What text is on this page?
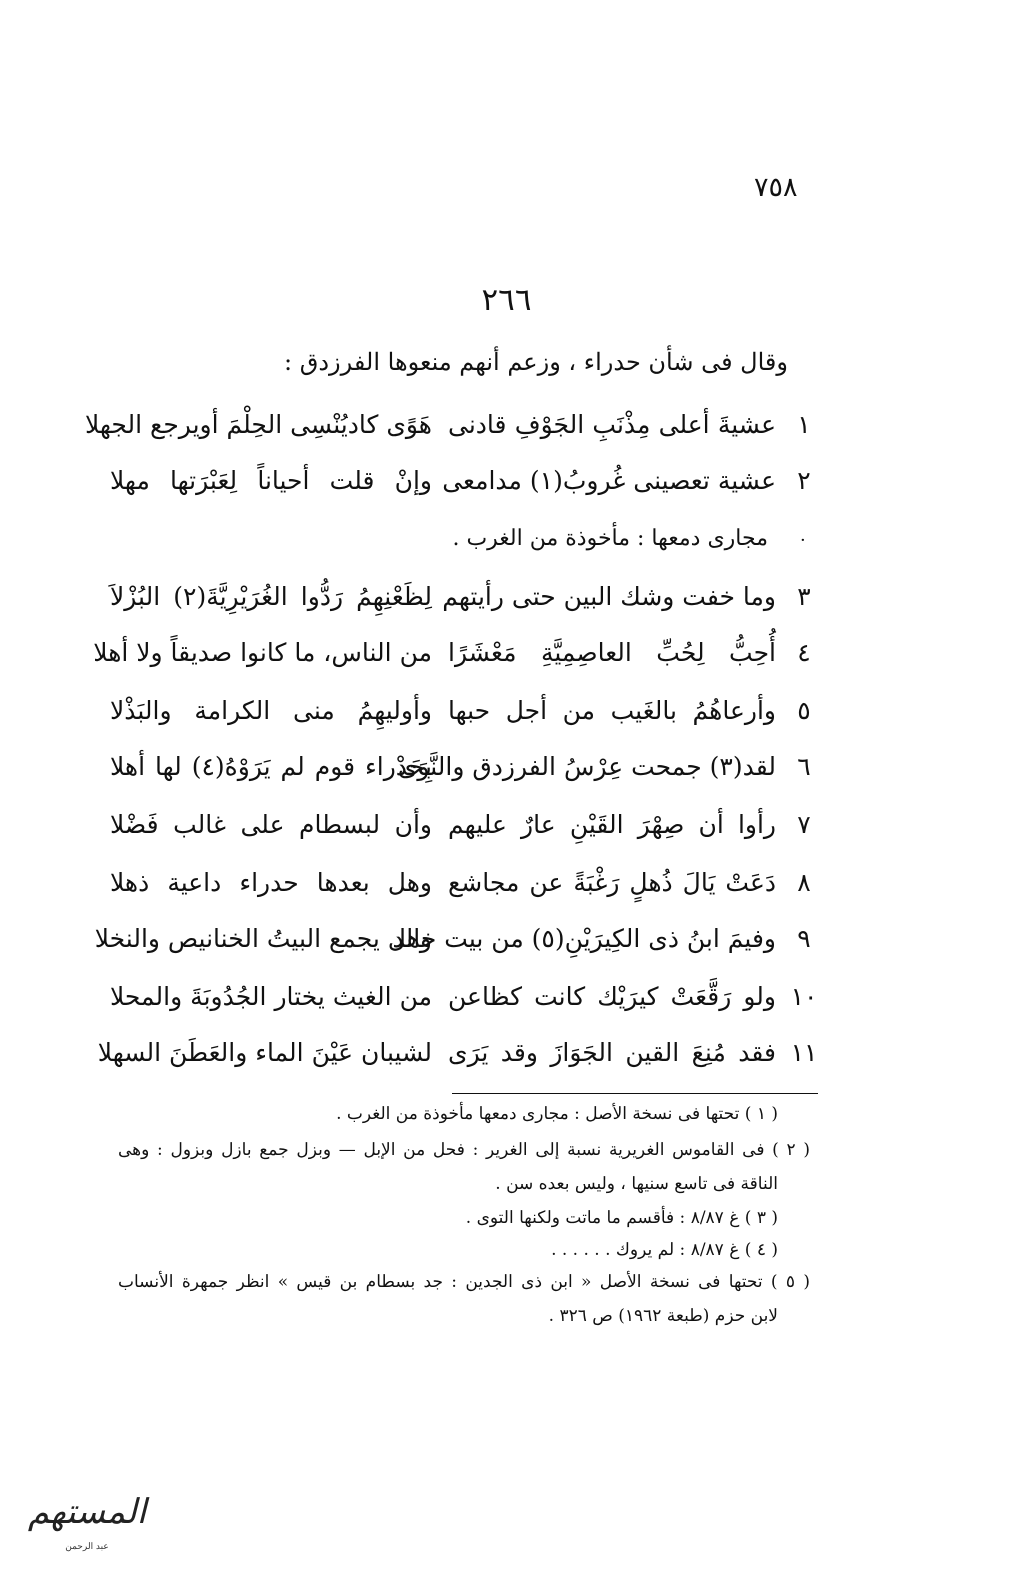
٧٥٨
٢٦٦
وقال فى شأن حدراء ، وزعم أنهم منعوها الفرزدق :
١
عشيةَ أعلى مِذْنَبِ الجَوْفِ قادنى
هَوًى كاديُنْسِى الحِلْمَ أويرجع الجهلا
٢
عشية تعصينى غُروبُ(١) مدامعى
وإنْ قلت أحياناً لِعَبْرَتها مهلا
·
مجارى دمعها : مأخوذة من الغرب .
٣
وما خفت وشك البين حتى رأيتهم
لِظَعْنِهِمُ رَدُّوا الغُرَيْرِيَّةَ(٢) البُزْلاَ
٤
أُحِبُّ لِحُبِّ العاصِمِيَّةِ مَعْشَرًا
من الناس، ما كانوا صديقاً ولا أهلا
٥
وأرعاهُمُ بالغَيب من أجل حبها
وأوليهِمُ منى الكرامة والبَذْلا
٦
لقد(٣) جمحت عِرْسُ الفرزدق والنَّوَى
بِحَدْراء قوم لم يَرَوْهُ(٤) لها أهلا
٧
رأوا أن صِهْرَ القَيْنِ عارٌ عليهم
وأن لبسطام على غالب فَضْلا
٨
دَعَتْ يَالَ ذُهلٍ رَغْبَةً عن مجاشع
وهل بعدها حدراء داعية ذهلا
٩
وفيمَ ابنُ ذى الكِيرَيْنِ(٥) من بيت خالد
وهل يجمع البيتُ الخنانيص والنخلا
١٠
ولو رَقَّعَتْ كيرَيْك كانت كظاعن
من الغيث يختار الجُدُوبَةَ والمحلا
١١
فقد مُنِعَ القين الجَوَازَ وقد يَرَى
لشيبان عَيْنَ الماء والعَطَنَ السهلا
( ١ ) تحتها فى نسخة الأصل : مجارى دمعها مأخوذة من الغرب .
( ٢ ) فى القاموس الغريرية نسبة إلى الغرير : فحل من الإبل — وبزل جمع بازل وبزول : وهى
الناقة فى تاسع سنيها ، وليس بعده سن .
( ٣ ) غ ٨/٨٧ : فأقسم ما ماتت ولكنها التوى .
( ٤ ) غ ٨/٨٧ : لم يروك . . . . . .
( ٥ ) تحتها فى نسخة الأصل « ابن ذى الجدين : جد بسطام بن قيس » انظر جمهرة الأنساب
لابن حزم (طبعة ١٩٦٢) ص ٣٢٦ .
المستهم
عبد الرحمن
